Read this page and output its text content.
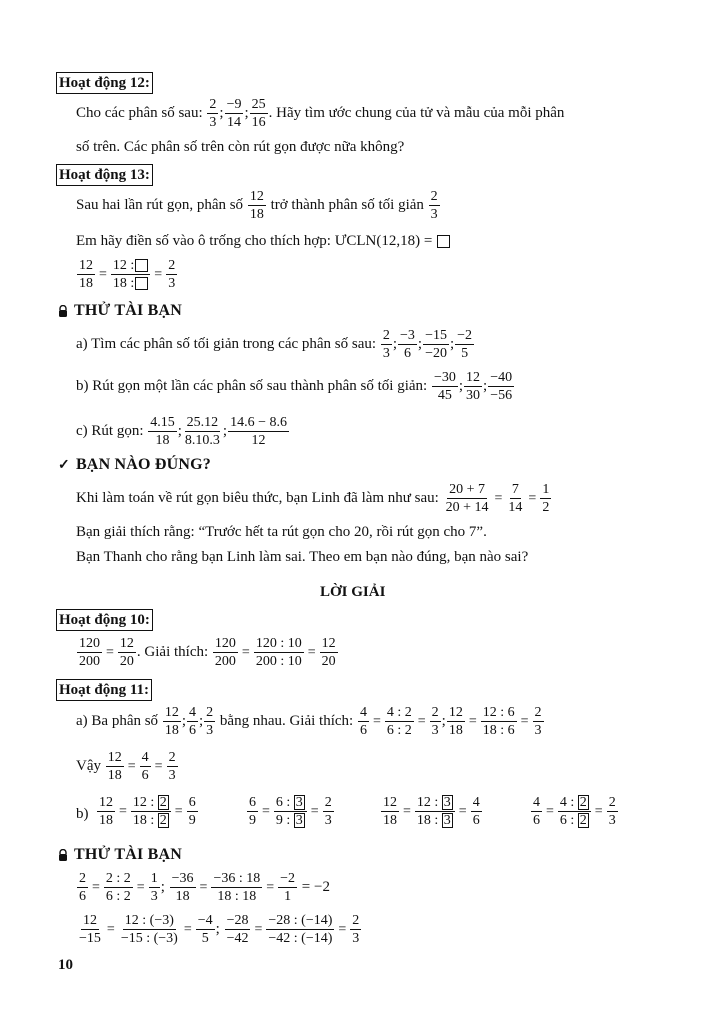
Hoạt động 12:
Cho các phân số sau:
$\frac{2}{3}$ ; $\frac{-9}{14}$ ; $\frac{25}{16}$ . Hãy tìm ước chung của tử và mẫu của mỗi phân
số trên. Các phân số trên còn rút gọn được nữa không?
Hoạt động 13:
Sau hai lần rút gọn, phân số
$\frac{12}{18}$
trở thành phân số tối giản
$\frac{2}{3}$
Em hãy điền số vào ô trống cho thích hợp: ƯCLN(12,18) =

$\frac{12}{18} = \frac{12 :}{18 :} = \frac{2}{3}$
THỬ TÀI BẠN
a) Tìm các phân số tối giản trong các phân số sau:
$\frac{2}{3}$ ; $\frac{-3}{6}$ ; $\frac{-15}{-20}$ ; $\frac{-2}{5}$
b) Rút gọn một lần các phân số sau thành phân số tối giản:
$\frac{-30}{45}$ ; $\frac{12}{30}$ ; $\frac{-40}{-56}$
c) Rút gọn:
$\frac{4.15}{18}$ ; $\frac{25.12}{8.10.3}$ ; $\frac{14.6 - 8.6}{12}$
✓ BẠN NÀO ĐÚNG?
Khi làm toán về rút gọn biêu thức, bạn Linh đã làm như sau:
$\frac{20 + 7}{20 + 14} = \frac{7}{14} = \frac{1}{2}$
Bạn giải thích rằng: “Trước hết ta rút gọn cho 20, rồi rút gọn cho 7”.
Bạn Thanh cho rằng bạn Linh làm sai. Theo em bạn nào đúng, bạn nào sai?
LỜI GIẢI
Hoạt động 10:
$\frac{120}{200} = \frac{12}{20}$ . Giải thích:
$\frac{120}{200} = \frac{120 : 10}{200 : 10} = \frac{12}{20}$
Hoạt động 11:
a) Ba phân số
$\frac{12}{18}$ ; $\frac{4}{6}$ ; $\frac{2}{3}$
bằng nhau. Giải thích:
$\frac{4}{6} = \frac{4 : 2}{6 : 2} = \frac{2}{3}$ ; $\frac{12}{18} = \frac{12 : 6}{18 : 6} = \frac{2}{3}$
Vậy
$\frac{12}{18} = \frac{4}{6} = \frac{2}{3}$
$b) \frac{12}{18} = \frac{12 : 2}{18 : 2} = \frac{6}{9}$	$\frac{6}{9} = \frac{6 : 3}{9 : 3} = \frac{2}{3}$	$\frac{12}{18} = \frac{12 : 3}{18 : 3} = \frac{4}{6}$	$\frac{4}{6} = \frac{4 : 2}{6 : 2} = \frac{2}{3}$
THỬ TÀI BẠN
$\frac{2}{6} = \frac{2 : 2}{6 : 2} = \frac{1}{3}$ ; $\frac{-36}{18} = \frac{-36 : 18}{18 : 18} = \frac{-2}{1}$
= −2
$\frac{12}{-15} = \frac{12 : (-3)}{-15 : (-3)} = \frac{-4}{5}$ ; $\frac{-28}{-42} = \frac{-28 : (-14)}{-42 : (-14)} = \frac{2}{3}$
10
